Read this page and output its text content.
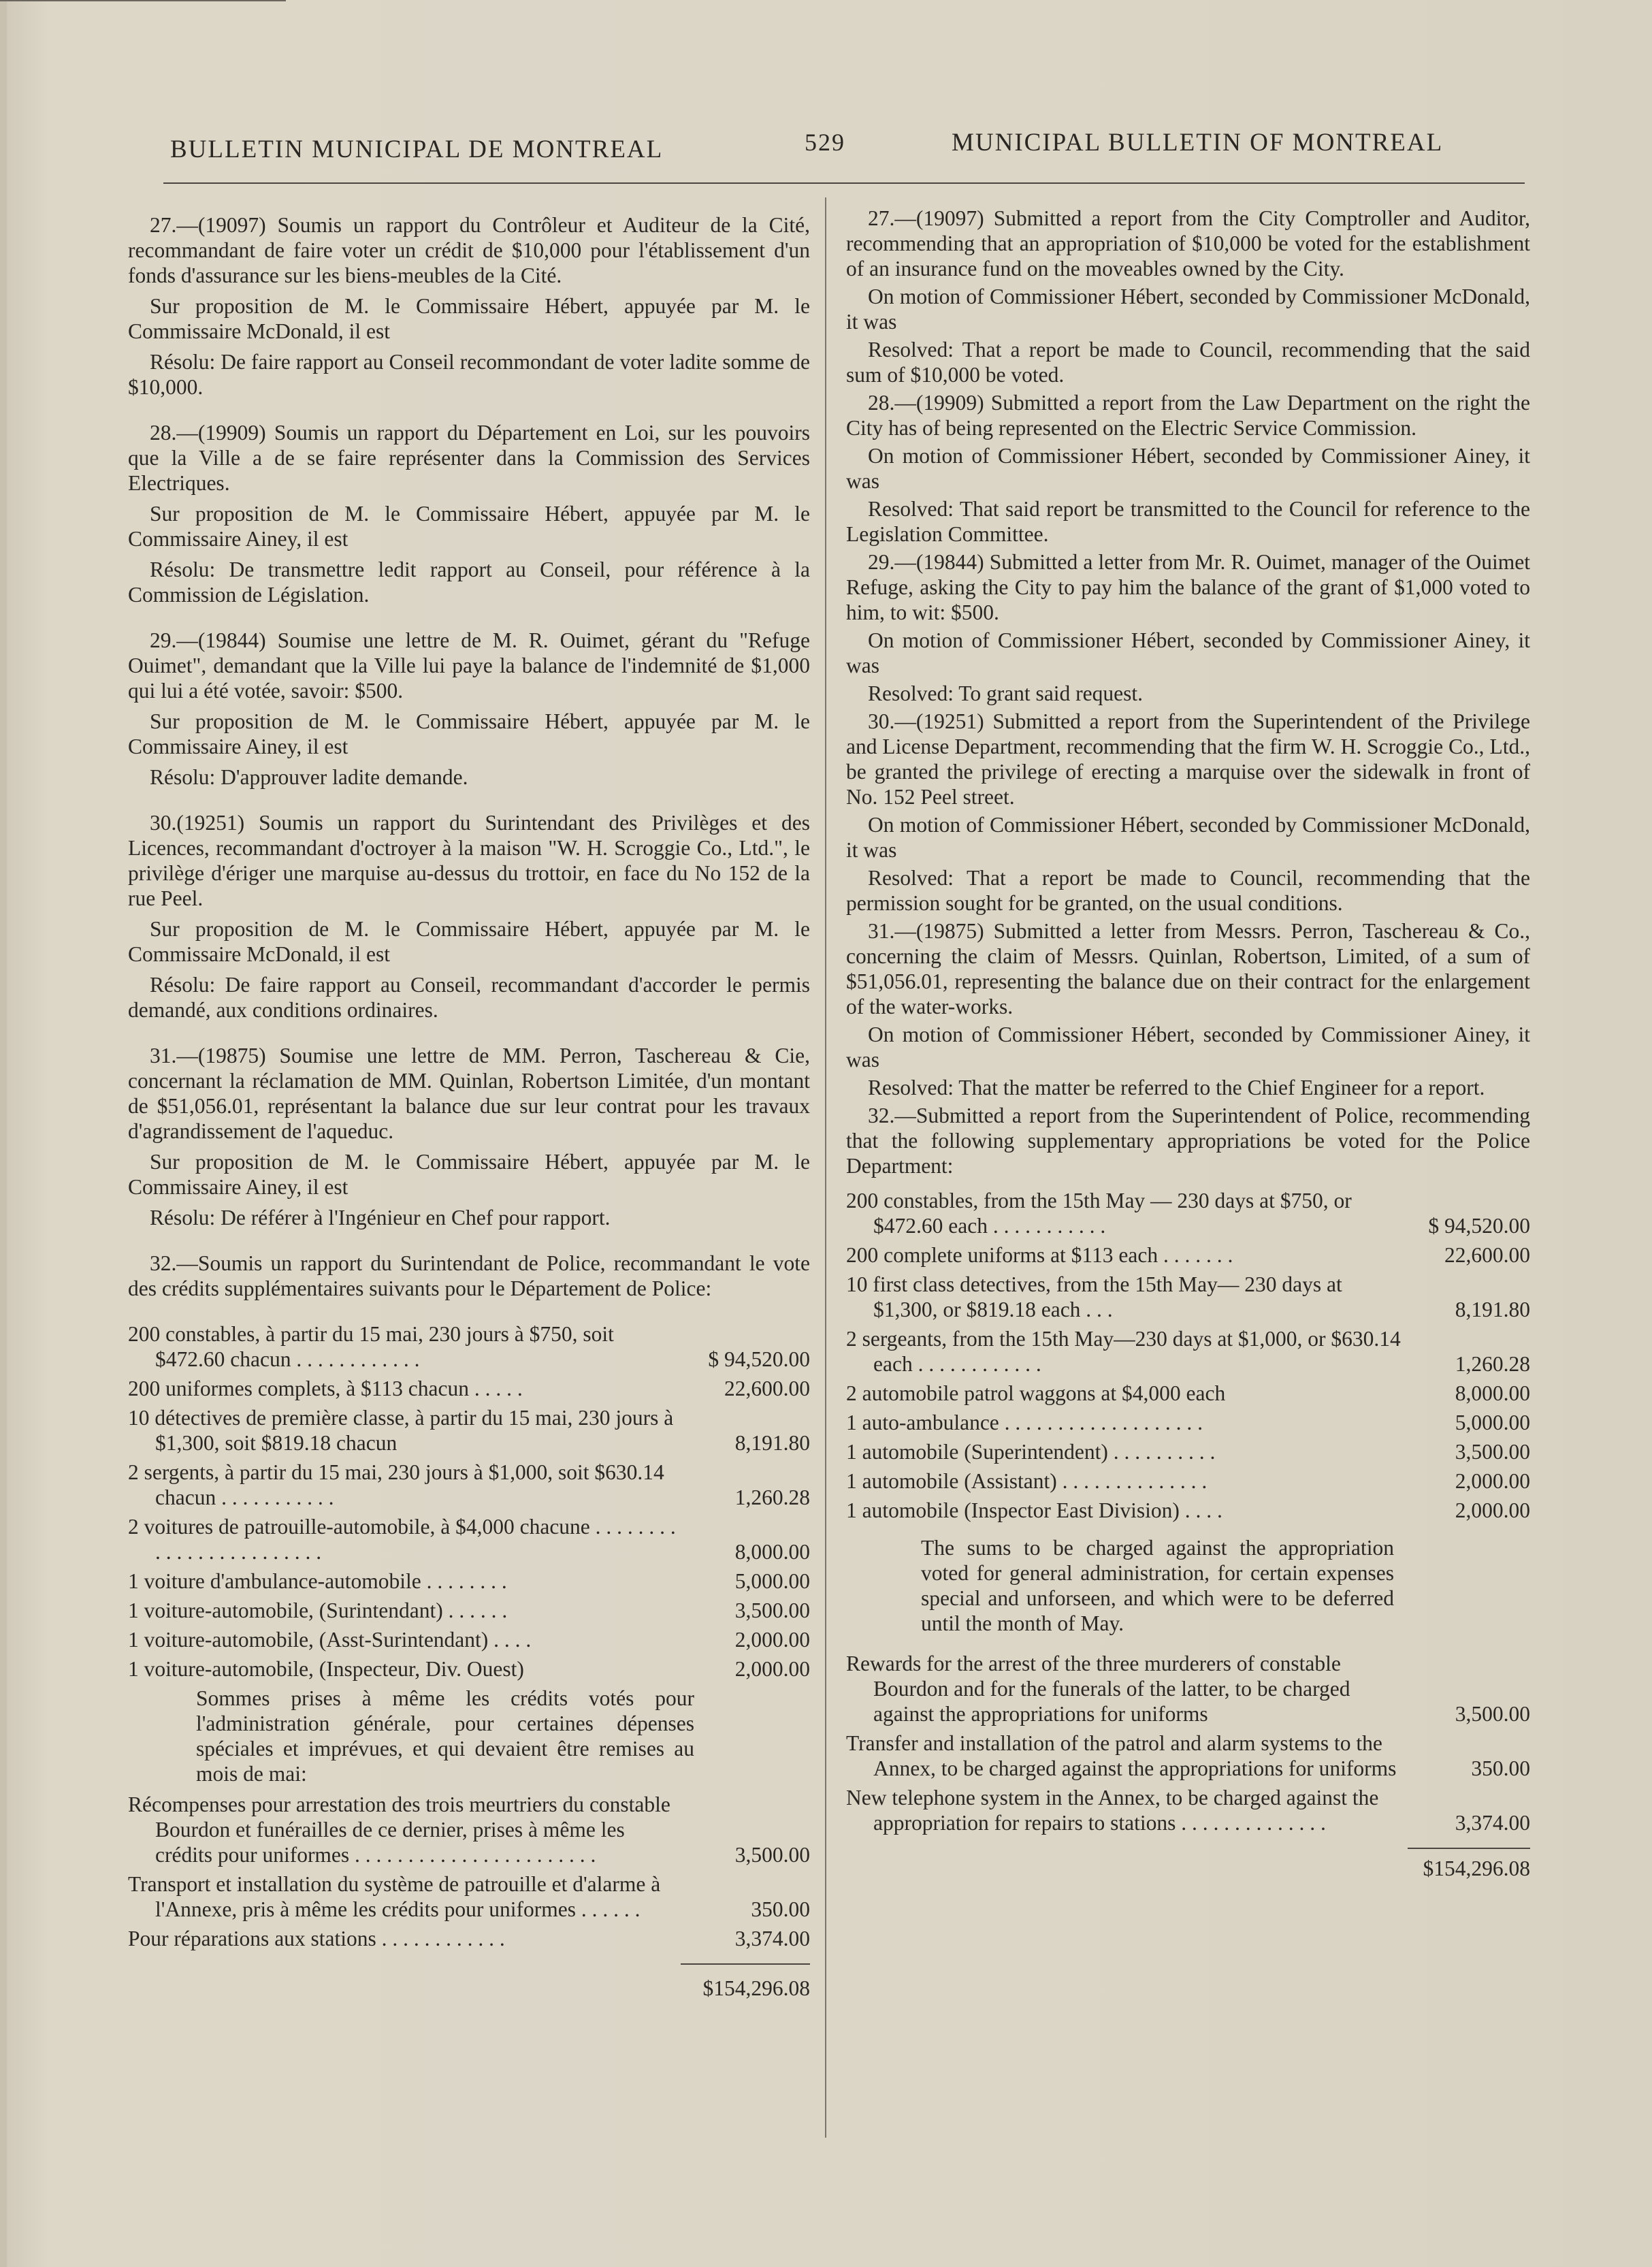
BULLETIN MUNICIPAL DE MONTREAL	529	MUNICIPAL BULLETIN OF MONTREAL

27.—(19097) Soumis un rapport du Contrôleur et Auditeur de la Cité, recommandant de faire voter un crédit de $10,000 pour l'établissement d'un fonds d'assurance sur les biens-meubles de la Cité.

Sur proposition de M. le Commissaire Hébert, appuyée par M. le Commissaire McDonald, il est

Résolu: De faire rapport au Conseil recommondant de voter ladite somme de $10,000.

28.—(19909) Soumis un rapport du Département en Loi, sur les pouvoirs que la Ville a de se faire représenter dans la Commission des Services Electriques.

Sur proposition de M. le Commissaire Hébert, appuyée par M. le Commissaire Ainey, il est

Résolu: De transmettre ledit rapport au Conseil, pour référence à la Commission de Législation.

29.—(19844) Soumise une lettre de M. R. Ouimet, gérant du "Refuge Ouimet", demandant que la Ville lui paye la balance de l'indemnité de $1,000 qui lui a été votée, savoir: $500.

Sur proposition de M. le Commissaire Hébert, appuyée par M. le Commissaire Ainey, il est

Résolu: D'approuver ladite demande.

30.(19251) Soumis un rapport du Surintendant des Privilèges et des Licences, recommandant d'octroyer à la maison "W. H. Scroggie Co., Ltd.", le privilège d'ériger une marquise au-dessus du trottoir, en face du No 152 de la rue Peel.

Sur proposition de M. le Commissaire Hébert, appuyée par M. le Commissaire McDonald, il est

Résolu: De faire rapport au Conseil, recommandant d'accorder le permis demandé, aux conditions ordinaires.

31.—(19875) Soumise une lettre de MM. Perron, Taschereau & Cie, concernant la réclamation de MM. Quinlan, Robertson Limitée, d'un montant de $51,056.01, représentant la balance due sur leur contrat pour les travaux d'agrandissement de l'aqueduc.

Sur proposition de M. le Commissaire Hébert, appuyée par M. le Commissaire Ainey, il est

Résolu: De référer à l'Ingénieur en Chef pour rapport.

32.—Soumis un rapport du Surintendant de Police, recommandant le vote des crédits supplémentaires suivants pour le Département de Police:

200 constables, à partir du 15 mai, 230 jours à $750, soit $472.60 chacun . . . . . . . . . . . .	$ 94,520.00
200 uniformes complets, à $113 chacun . . . . .	22,600.00
10 détectives de première classe, à partir du 15 mai, 230 jours à $1,300, soit $819.18 chacun	8,191.80
2 sergents, à partir du 15 mai, 230 jours à $1,000, soit $630.14 chacun . . . . . . . . . . .	1,260.28
2 voitures de patrouille-automobile, à $4,000 chacune . . . . . . . . . . . . . . . . . . . . . . . .	8,000.00
1 voiture d'ambulance-automobile . . . . . . . .	5,000.00
1 voiture-automobile, (Surintendant) . . . . . .	3,500.00
1 voiture-automobile, (Asst-Surintendant) . . . .	2,000.00
1 voiture-automobile, (Inspecteur, Div. Ouest)	2,000.00

Sommes prises à même les crédits votés pour l'administration générale, pour certaines dépenses spéciales et imprévues, et qui devaient être remises au mois de mai:

Récompenses pour arrestation des trois meurtriers du constable Bourdon et funérailles de ce dernier, prises à même les crédits pour uniformes . . . . . . . . . . . . . . . . . . . . . . .	3,500.00
Transport et installation du système de patrouille et d'alarme à l'Annexe, pris à même les crédits pour uniformes . . . . . .	350.00
Pour réparations aux stations . . . . . . . . . . . .	3,374.00
$154,296.08

27.—(19097) Submitted a report from the City Comptroller and Auditor, recommending that an appropriation of $10,000 be voted for the establishment of an insurance fund on the moveables owned by the City.

On motion of Commissioner Hébert, seconded by Commissioner McDonald, it was

Resolved: That a report be made to Council, recommending that the said sum of $10,000 be voted.

28.—(19909) Submitted a report from the Law Department on the right the City has of being represented on the Electric Service Commission.

On motion of Commissioner Hébert, seconded by Commissioner Ainey, it was

Resolved: That said report be transmitted to the Council for reference to the Legislation Committee.

29.—(19844) Submitted a letter from Mr. R. Ouimet, manager of the Ouimet Refuge, asking the City to pay him the balance of the grant of $1,000 voted to him, to wit: $500.

On motion of Commissioner Hébert, seconded by Commissioner Ainey, it was

Resolved: To grant said request.

30.—(19251) Submitted a report from the Superintendent of the Privilege and License Department, recommending that the firm W. H. Scroggie Co., Ltd., be granted the privilege of erecting a marquise over the sidewalk in front of No. 152 Peel street.

On motion of Commissioner Hébert, seconded by Commissioner McDonald, it was

Resolved: That a report be made to Council, recommending that the permission sought for be granted, on the usual conditions.

31.—(19875) Submitted a letter from Messrs. Perron, Taschereau & Co., concerning the claim of Messrs. Quinlan, Robertson, Limited, of a sum of $51,056.01, representing the balance due on their contract for the enlargement of the water-works.

On motion of Commissioner Hébert, seconded by Commissioner Ainey, it was

Resolved: That the matter be referred to the Chief Engineer for a report.

32.—Submitted a report from the Superintendent of Police, recommending that the following supplementary appropriations be voted for the Police Department:

200 constables, from the 15th May — 230 days at $750, or $472.60 each . . . . . . . . . . .	$ 94,520.00
200 complete uniforms at $113 each . . . . . . .	22,600.00
10 first class detectives, from the 15th May— 230 days at $1,300, or $819.18 each . . .	8,191.80
2 sergeants, from the 15th May—230 days at $1,000, or $630.14 each . . . . . . . . . . . .	1,260.28
2 automobile patrol waggons at $4,000 each	8,000.00
1 auto-ambulance . . . . . . . . . . . . . . . . . . .	5,000.00
1 automobile (Superintendent) . . . . . . . . . .	3,500.00
1 automobile (Assistant) . . . . . . . . . . . . . .	2,000.00
1 automobile (Inspector East Division) . . . .	2,000.00

The sums to be charged against the appropriation voted for general administration, for certain expenses special and unforseen, and which were to be deferred until the month of May.

Rewards for the arrest of the three murderers of constable Bourdon and for the funerals of the latter, to be charged against the appropriations for uniforms	3,500.00
Transfer and installation of the patrol and alarm systems to the Annex, to be charged against the appropriations for uniforms	350.00
New telephone system in the Annex, to be charged against the appropriation for repairs to stations . . . . . . . . . . . . . .	3,374.00
$154,296.08
